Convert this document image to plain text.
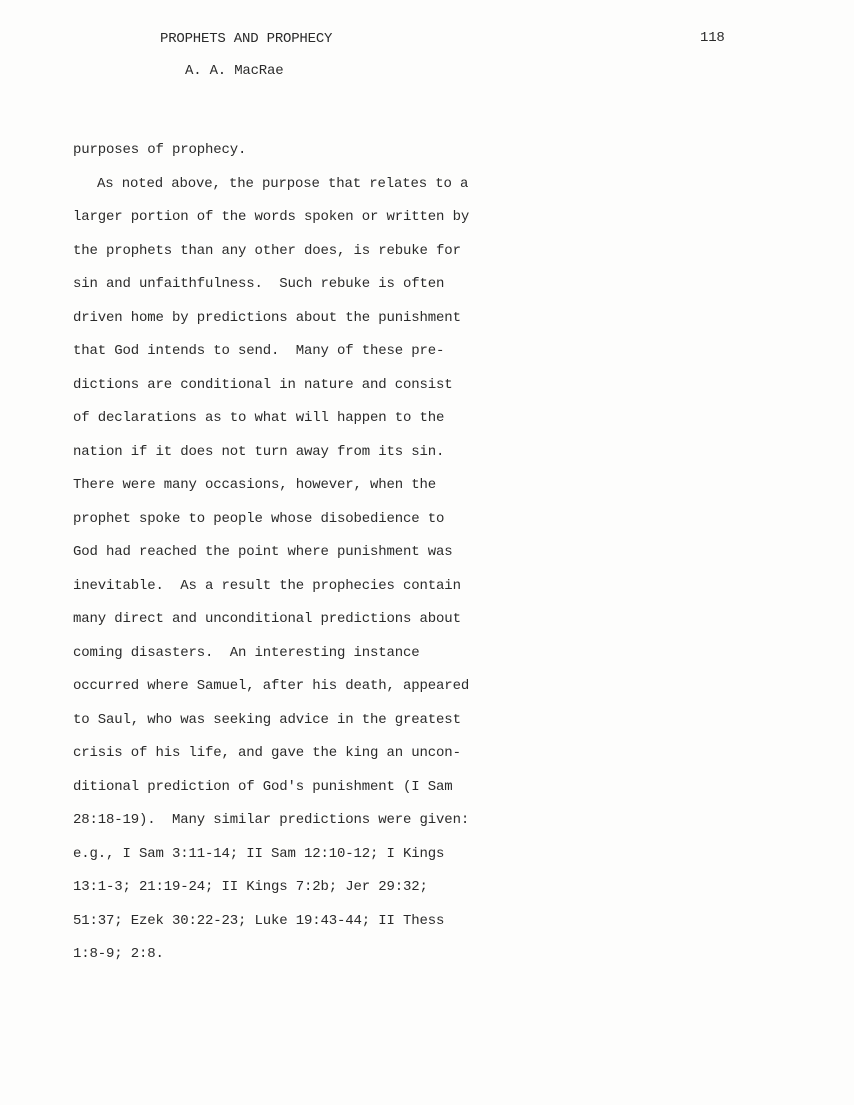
PROPHETS AND PROPHECY	118
A. A. MacRae
purposes of prophecy.
As noted above, the purpose that relates to a
larger portion of the words spoken or written by
the prophets than any other does, is rebuke for
sin and unfaithfulness.  Such rebuke is often
driven home by predictions about the punishment
that God intends to send.  Many of these pre-
dictions are conditional in nature and consist
of declarations as to what will happen to the
nation if it does not turn away from its sin.
There were many occasions, however, when the
prophet spoke to people whose disobedience to
God had reached the point where punishment was
inevitable.  As a result the prophecies contain
many direct and unconditional predictions about
coming disasters.  An interesting instance
occurred where Samuel, after his death, appeared
to Saul, who was seeking advice in the greatest
crisis of his life, and gave the king an uncon-
ditional prediction of God's punishment (I Sam
28:18-19).  Many similar predictions were given:
e.g., I Sam 3:11-14; II Sam 12:10-12; I Kings
13:1-3; 21:19-24; II Kings 7:2b; Jer 29:32;
51:37; Ezek 30:22-23; Luke 19:43-44; II Thess
1:8-9; 2:8.
